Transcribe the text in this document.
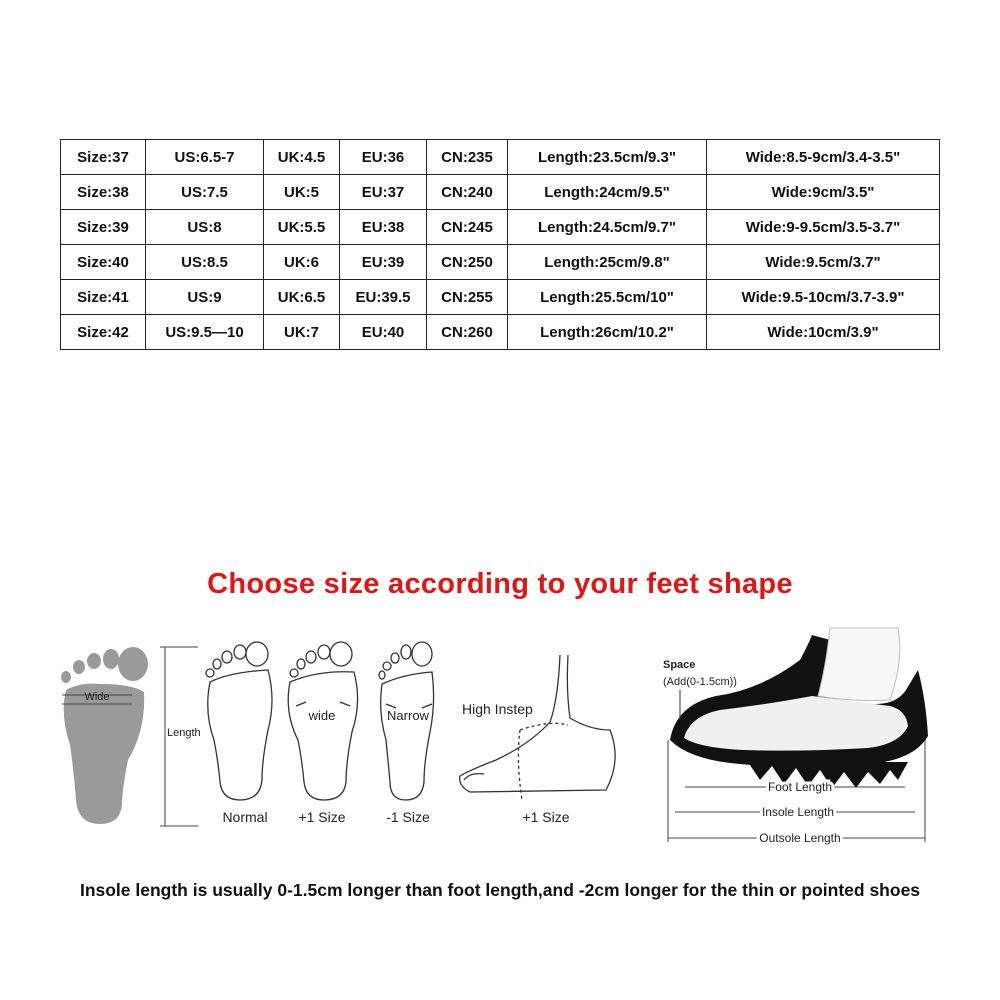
Size:37	US:6.5-7	UK:4.5	EU:36	CN:235	Length:23.5cm/9.3"	Wide:8.5-9cm/3.4-3.5"
Size:38	US:7.5	UK:5	EU:37	CN:240	Length:24cm/9.5"	Wide:9cm/3.5"
Size:39	US:8	UK:5.5	EU:38	CN:245	Length:24.5cm/9.7"	Wide:9-9.5cm/3.5-3.7"
Size:40	US:8.5	UK:6	EU:39	CN:250	Length:25cm/9.8"	Wide:9.5cm/3.7"
Size:41	US:9	UK:6.5	EU:39.5	CN:255	Length:25.5cm/10"	Wide:9.5-10cm/3.7-3.9"
Size:42	US:9.5—10	UK:7	EU:40	CN:260	Length:26cm/10.2"	Wide:10cm/3.9"
Choose size according to your feet shape
Wide
Length
Normal
wide
+1 Size
Narrow
-1 Size
High Instep
+1 Size
Space
(Add(0-1.5cm))
Foot Length
Insole Length
Outsole Length
Insole length is usually 0-1.5cm longer than foot length,and -2cm longer for the thin or pointed shoes
